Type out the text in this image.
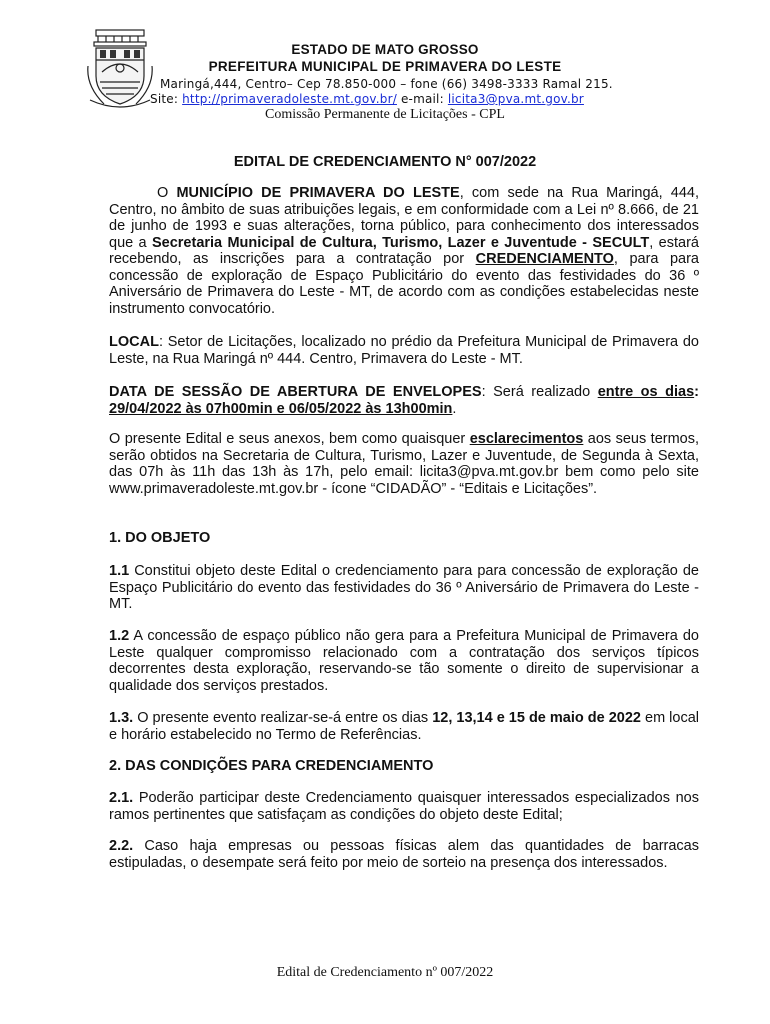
ESTADO DE MATO GROSSO
PREFEITURA MUNICIPAL DE PRIMAVERA DO LESTE
Maringá,444, Centro– Cep 78.850-000 – fone (66) 3498-3333 Ramal 215.
Site: http://primaveradoleste.mt.gov.br/ e-mail: licita3@pva.mt.gov.br
Comissão Permanente de Licitações - CPL
EDITAL DE CREDENCIAMENTO N° 007/2022

O MUNICÍPIO DE PRIMAVERA DO LESTE, com sede na Rua Maringá, 444, Centro, no âmbito de suas atribuições legais, e em conformidade com a Lei nº 8.666, de 21 de junho de 1993 e suas alterações, torna público, para conhecimento dos interessados que a Secretaria Municipal de Cultura, Turismo, Lazer e Juventude - SECULT, estará recebendo, as inscrições para a contratação por CREDENCIAMENTO, para para concessão de exploração de Espaço Publicitário do evento das festividades do 36 º Aniversário de Primavera do Leste - MT, de acordo com as condições estabelecidas neste instrumento convocatório.

LOCAL: Setor de Licitações, localizado no prédio da Prefeitura Municipal de Primavera do Leste, na Rua Maringá nº 444. Centro, Primavera do Leste - MT.

DATA DE SESSÃO DE ABERTURA DE ENVELOPES: Será realizado entre os dias: 29/04/2022 às 07h00min e 06/05/2022 às 13h00min.

O presente Edital e seus anexos, bem como quaisquer esclarecimentos aos seus termos, serão obtidos na Secretaria de Cultura, Turismo, Lazer e Juventude, de Segunda à Sexta, das 07h às 11h das 13h às 17h, pelo email: licita3@pva.mt.gov.br bem como pelo site www.primaveradoleste.mt.gov.br - ícone “CIDADÃO” - “Editais e Licitações”.

1. DO OBJETO

1.1 Constitui objeto deste Edital o credenciamento para para concessão de exploração de Espaço Publicitário do evento das festividades do 36 º Aniversário de Primavera do Leste - MT.

1.2 A concessão de espaço público não gera para a Prefeitura Municipal de Primavera do Leste qualquer compromisso relacionado com a contratação dos serviços típicos decorrentes desta exploração, reservando-se tão somente o direito de supervisionar a qualidade dos serviços prestados.

1.3. O presente evento realizar-se-á entre os dias 12, 13,14 e 15 de maio de 2022 em local e horário estabelecido no Termo de Referências.

2. DAS CONDIÇÕES PARA CREDENCIAMENTO

2.1. Poderão participar deste Credenciamento quaisquer interessados especializados nos ramos pertinentes que satisfaçam as condições do objeto deste Edital;

2.2. Caso haja empresas ou pessoas físicas alem das quantidades de barracas estipuladas, o desempate será feito por meio de sorteio na presença dos interessados.

Edital de Credenciamento nº 007/2022
